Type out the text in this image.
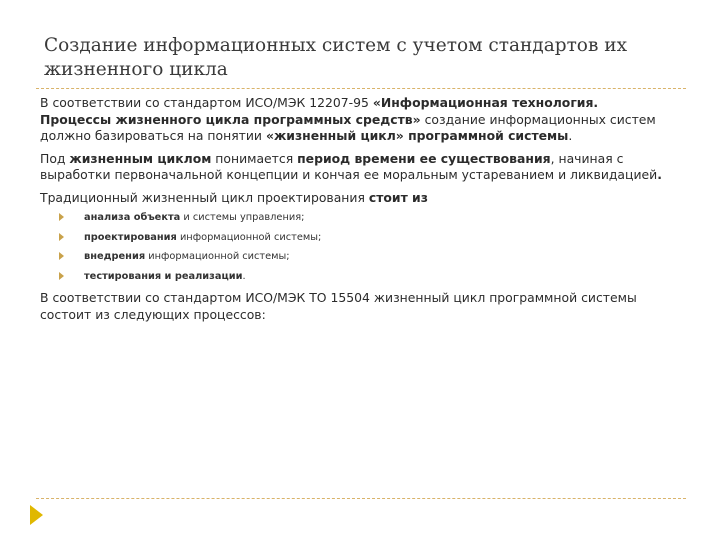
Создание информационных систем с учетом стандартов их жизненного цикла

В соответствии со стандартом ИСО/МЭК 12207-95 «Информационная технология. Процессы жизненного цикла программных средств» создание информационных систем должно базироваться на понятии «жизненный цикл» программной системы.

Под жизненным циклом понимается период времени ее существования, начиная с выработки первоначальной концепции и кончая ее моральным устареванием и ликвидацией.

Традиционный жизненный цикл проектирования стоит из

анализа объекта и системы управления;
проектирования информационной системы;
внедрения информационной системы;
тестирования и реализации.

В соответствии со стандартом ИСО/МЭК ТО 15504 жизненный цикл программной системы состоит из следующих процессов:
